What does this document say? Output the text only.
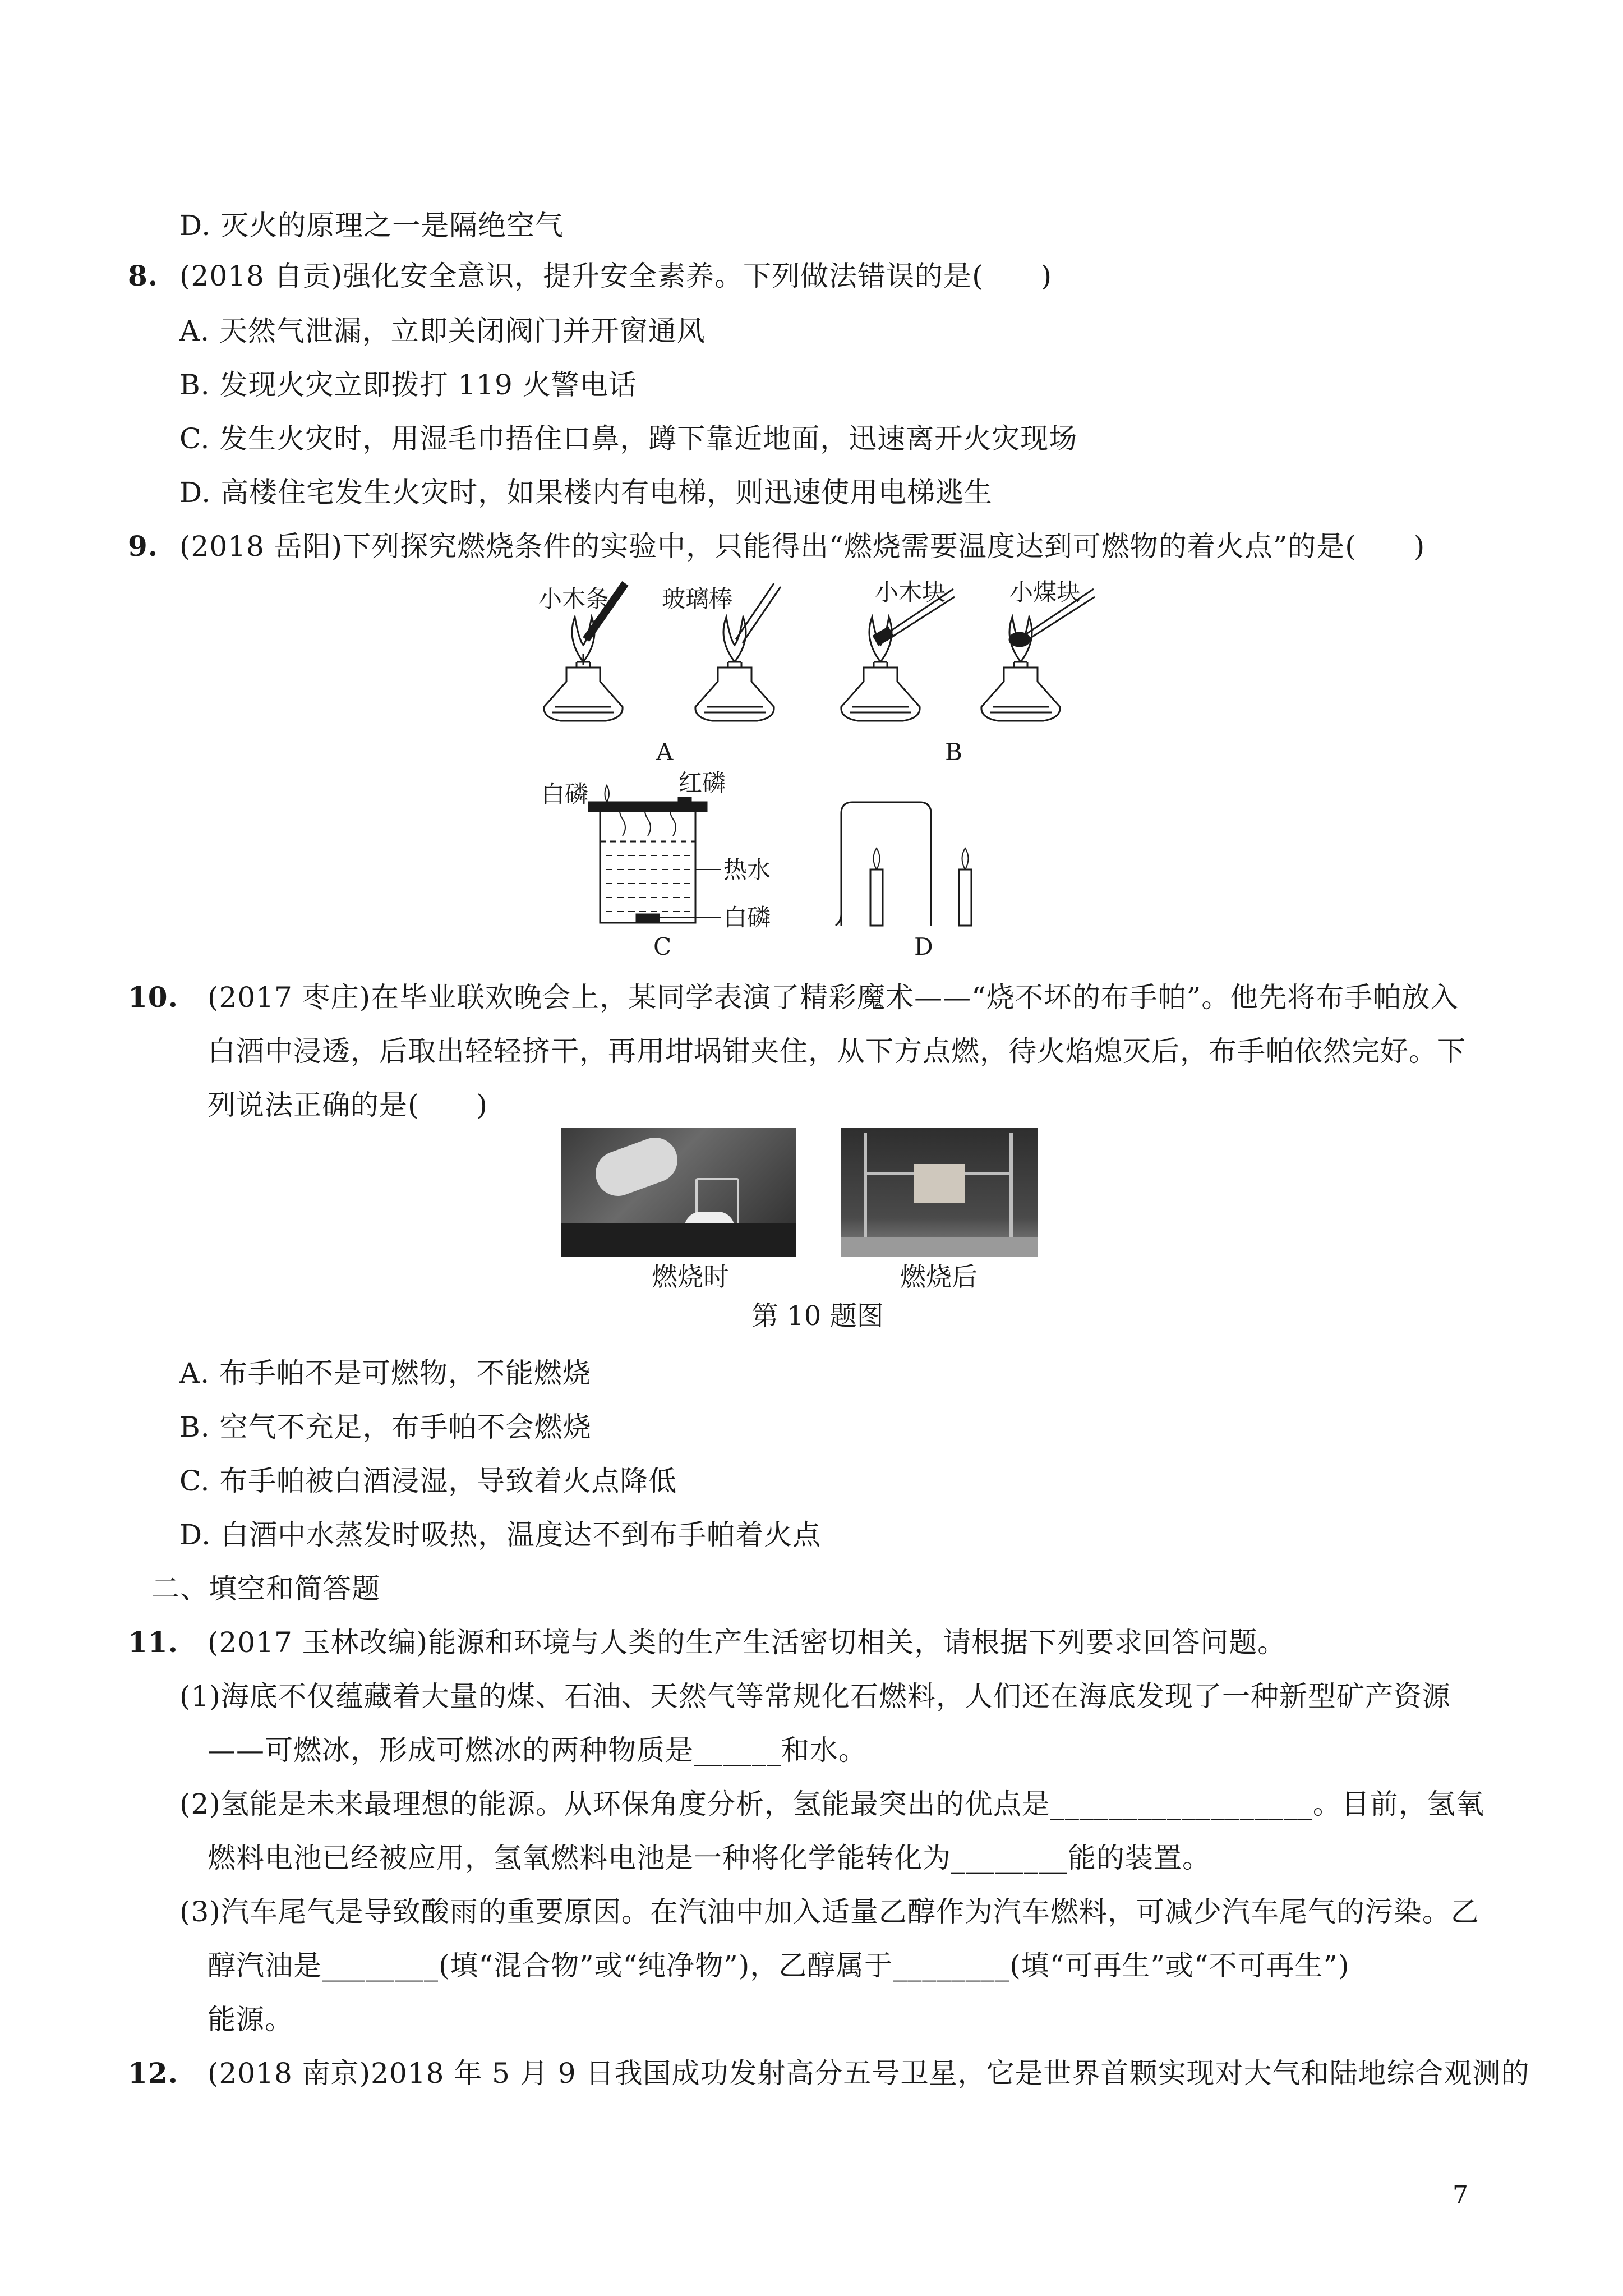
D. 灭火的原理之一是隔绝空气
8. (2018 自贡)强化安全意识，提升安全素养。下列做法错误的是(　　)
A. 天然气泄漏，立即关闭阀门并开窗通风
B. 发现火灾立即拨打 119 火警电话
C. 发生火灾时，用湿毛巾捂住口鼻，蹲下靠近地面，迅速离开火灾现场
D. 高楼住宅发生火灾时，如果楼内有电梯，则迅速使用电梯逃生
9. (2018 岳阳)下列探究燃烧条件的实验中，只能得出“燃烧需要温度达到可燃物的着火点”的是(　　)
小木条 玻璃棒	小木块	小煤块
白磷	红磷
热水
白磷
A	B
C	D
10. (2017 枣庄)在毕业联欢晚会上，某同学表演了精彩魔术——“烧不坏的布手帕”。他先将布手帕放入
白酒中浸透，后取出轻轻挤干，再用坩埚钳夹住，从下方点燃，待火焰熄灭后，布手帕依然完好。下
列说法正确的是(　　)
燃烧时	燃烧后
第 10 题图
A. 布手帕不是可燃物，不能燃烧
B. 空气不充足，布手帕不会燃烧
C. 布手帕被白酒浸湿，导致着火点降低
D. 白酒中水蒸发时吸热，温度达不到布手帕着火点
二、填空和简答题
11. (2017 玉林改编)能源和环境与人类的生产生活密切相关，请根据下列要求回答问题。
(1)海底不仅蕴藏着大量的煤、石油、天然气等常规化石燃料，人们还在海底发现了一种新型矿产资源
——可燃冰，形成可燃冰的两种物质是______和水。
(2)氢能是未来最理想的能源。从环保角度分析，氢能最突出的优点是__________________。目前，氢氧
燃料电池已经被应用，氢氧燃料电池是一种将化学能转化为________能的装置。
(3)汽车尾气是导致酸雨的重要原因。在汽油中加入适量乙醇作为汽车燃料，可减少汽车尾气的污染。乙
醇汽油是________(填“混合物”或“纯净物”)，乙醇属于________(填“可再生”或“不可再生”)
能源。
12. (2018 南京)2018 年 5 月 9 日我国成功发射高分五号卫星，它是世界首颗实现对大气和陆地综合观测的
7
